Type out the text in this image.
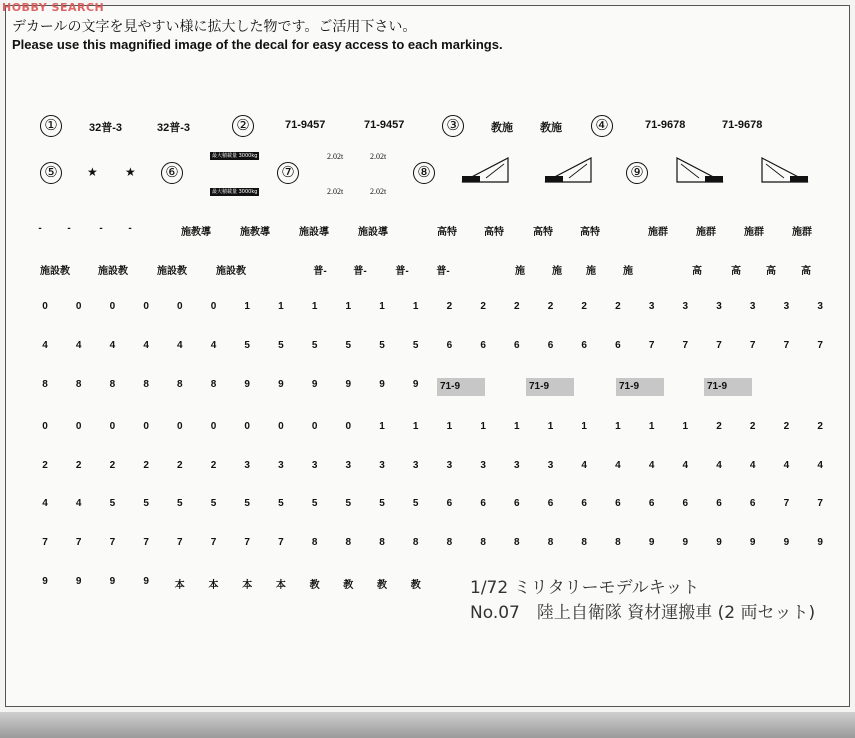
HOBBY SEARCH
デカールの文字を見やすい様に拡大した物です。ご活用下さい。
Please use this magnified image of the decal for easy access to each markings.
①	②	③	④
⑤	⑥	⑦	⑧	⑨
32普-3	32普-3	71-9457	71-9457	教施 教施	71-9678	71-9678
★ ★
最大積載量 3000kg
最大積載量 3000kg
2.02t	2.02t
2.02t	2.02t
71-9	71-9	71-9	71-9
-	-	-	-	施教導	施教導	施設導	施設導	高特	高特	高特	高特	施群	施群	施群	施群
施設教	施設教	施設教	施設教	普-	普-	普-	普-	施	施 施	施	高	高	高	高
0	0	0	0	0	0	1	1	1	1	1	1	2	2	2	2	2	2	3	3	3	3	3	3
4	4	4	4	4	4	5	5	5	5	5	5	6	6	6	6	6	6	7	7	7	7	7	7
8	8	8	8	8	8	9	9	9	9	9	9
0	0	0	0	0	0	0	0	0	0	1	1	1	1	1	1	1	1	1	1	2	2	2	2
2	2	2	2	2	2	3	3	3	3	3	3	3	3	3	3	4	4	4	4	4	4	4	4
4	4	5	5	5	5	5	5	5	5	5	5	6	6	6	6	6	6	6	6	6	6	7	7
7	7	7	7	7	7	7	7	8	8	8	8	8	8	8	8	8	8	9	9	9	9	9	9
9	9	9	9	本 本 本 本 教 教 教 教	1/72 ミリタリーモデルキット
No.07　陸上自衛隊 資材運搬車 (2 両セット)
